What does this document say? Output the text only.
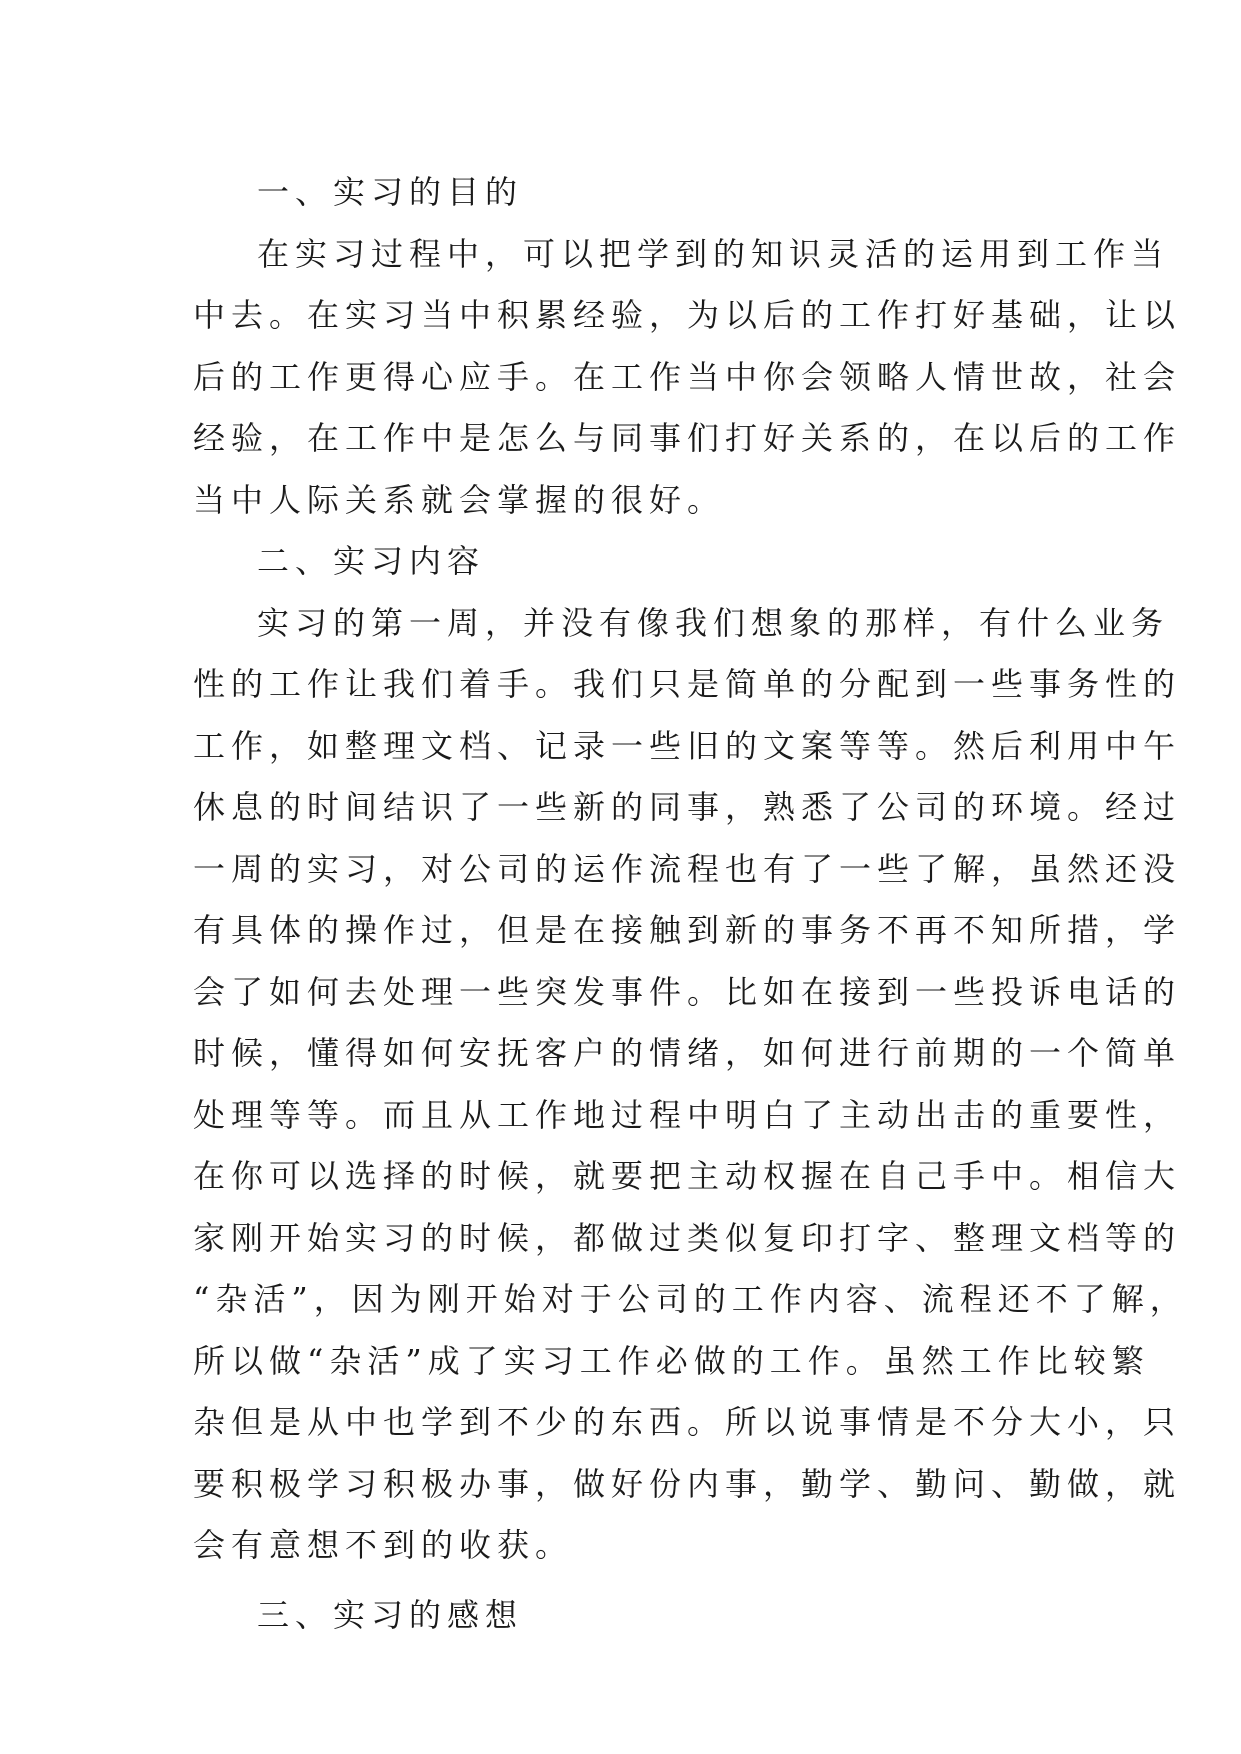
一、实习的目的
在实习过程中，可以把学到的知识灵活的运用到工作当
中去。在实习当中积累经验，为以后的工作打好基础，让以
后的工作更得心应手。在工作当中你会领略人情世故，社会
经验，在工作中是怎么与同事们打好关系的，在以后的工作
当中人际关系就会掌握的很好。
二、实习内容
实习的第一周，并没有像我们想象的那样，有什么业务
性的工作让我们着手。我们只是简单的分配到一些事务性的
工作，如整理文档、记录一些旧的文案等等。然后利用中午
休息的时间结识了一些新的同事，熟悉了公司的环境。经过
一周的实习，对公司的运作流程也有了一些了解，虽然还没
有具体的操作过，但是在接触到新的事务不再不知所措，学
会了如何去处理一些突发事件。比如在接到一些投诉电话的
时候，懂得如何安抚客户的情绪，如何进行前期的一个简单
处理等等。而且从工作地过程中明白了主动出击的重要性，
在你可以选择的时候，就要把主动权握在自己手中。相信大
家刚开始实习的时候，都做过类似复印打字、整理文档等的
“杂活”，因为刚开始对于公司的工作内容、流程还不了解，
所以做“杂活”成了实习工作必做的工作。虽然工作比较繁
杂但是从中也学到不少的东西。所以说事情是不分大小，只
要积极学习积极办事，做好份内事，勤学、勤问、勤做，就
会有意想不到的收获。
三、实习的感想
